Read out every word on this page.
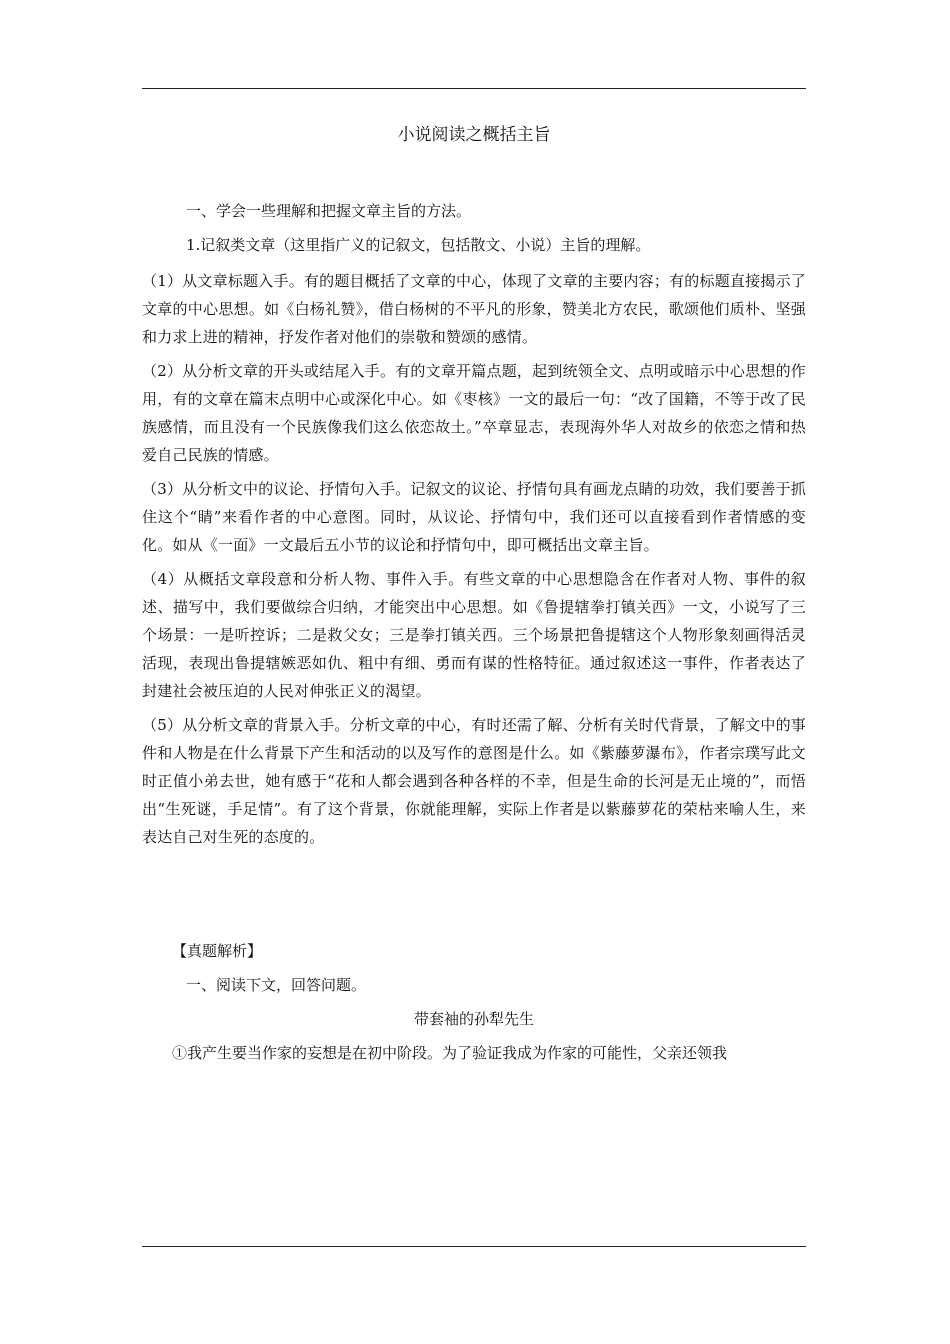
小说阅读之概括主旨
一、学会一些理解和把握文章主旨的方法。
1.记叙类文章（这里指广义的记叙文，包括散文、小说）主旨的理解。

（1）从文章标题入手。有的题目概括了文章的中心，体现了文章的主要内容；有的标题直接揭示了文章的中心思想。如《白杨礼赞》，借白杨树的不平凡的形象，赞美北方农民，歌颂他们质朴、坚强和力求上进的精神，抒发作者对他们的崇敬和赞颂的感情。

（2）从分析文章的开头或结尾入手。有的文章开篇点题，起到统领全文、点明或暗示中心思想的作用，有的文章在篇末点明中心或深化中心。如《枣核》一文的最后一句：“改了国籍，不等于改了民族感情，而且没有一个民族像我们这么依恋故土。”卒章显志，表现海外华人对故乡的依恋之情和热爱自己民族的情感。

（3）从分析文中的议论、抒情句入手。记叙文的议论、抒情句具有画龙点睛的功效，我们要善于抓住这个“睛”来看作者的中心意图。同时，从议论、抒情句中，我们还可以直接看到作者情感的变化。如从《一面》一文最后五小节的议论和抒情句中，即可概括出文章主旨。

（4）从概括文章段意和分析人物、事件入手。有些文章的中心思想隐含在作者对人物、事件的叙述、描写中，我们要做综合归纳，才能突出中心思想。如《鲁提辖拳打镇关西》一文，小说写了三个场景：一是听控诉；二是救父女；三是拳打镇关西。三个场景把鲁提辖这个人物形象刻画得活灵活现，表现出鲁提辖嫉恶如仇、粗中有细、勇而有谋的性格特征。通过叙述这一事件，作者表达了封建社会被压迫的人民对伸张正义的渴望。

（5）从分析文章的背景入手。分析文章的中心，有时还需了解、分析有关时代背景，了解文中的事件和人物是在什么背景下产生和活动的以及写作的意图是什么。如《紫藤萝瀑布》，作者宗璞写此文时正值小弟去世，她有感于“花和人都会遇到各种各样的不幸，但是生命的长河是无止境的”，而悟出“生死谜，手足情”。有了这个背景，你就能理解，实际上作者是以紫藤萝花的荣枯来喻人生，来表达自己对生死的态度的。

【真题解析】
一、阅读下文，回答问题。
带套袖的孙犁先生
①我产生要当作家的妄想是在初中阶段。为了验证我成为作家的可能性，父亲还领我
